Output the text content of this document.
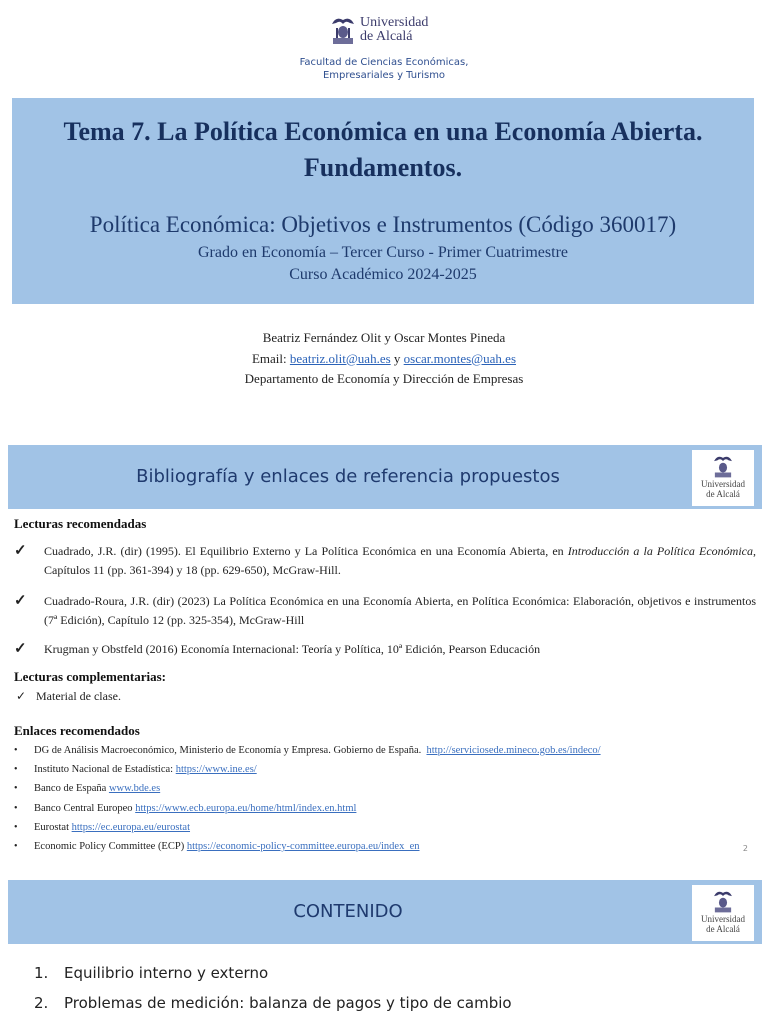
Universidad
de Alcalá
Facultad de Ciencias Económicas,
Empresariales y Turismo
Tema 7. La Política Económica en una Economía Abierta.
Fundamentos.
Política Económica: Objetivos e Instrumentos (Código 360017)
Grado en Economía – Tercer Curso - Primer Cuatrimestre
Curso Académico 2024-2025
Beatriz Fernández Olit y Oscar Montes Pineda
Email: beatriz.olit@uah.es y oscar.montes@uah.es
Departamento de Economía y Dirección de Empresas
Bibliografía y enlaces de referencia propuestos	Universidad
de Alcalá
Lecturas recomendadas
✓ Cuadrado, J.R. (dir) (1995). El Equilibrio Externo y La Política Económica en una Economía Abierta, en Introducción a la Política Económica, Capítulos 11 (pp. 361-394) y 18 (pp. 629-650), McGraw-Hill.
✓ Cuadrado-Roura, J.R. (dir) (2023) La Política Económica en una Economía Abierta, en Política Económica: Elaboración, objetivos e instrumentos (7ª Edición), Capítulo 12 (pp. 325-354), McGraw-Hill
✓ Krugman y Obstfeld (2016) Economía Internacional: Teoría y Política, 10ª Edición, Pearson Educación
Lecturas complementarias:
✓ Material de clase.
Enlaces recomendados
• DG de Análisis Macroeconómico, Ministerio de Economía y Empresa. Gobierno de España.  http://serviciosede.mineco.gob.es/indeco/
• Instituto Nacional de Estadística: https://www.ine.es/
• Banco de España www.bde.es
• Banco Central Europeo https://www.ecb.europa.eu/home/html/index.en.html
• Eurostat https://ec.europa.eu/eurostat
• Economic Policy Committee (ECP) https://economic-policy-committee.europa.eu/index_en	2
CONTENIDO	Universidad
de Alcalá
1.	Equilibrio interno y externo
2.	Problemas de medición: balanza de pagos y tipo de cambio
